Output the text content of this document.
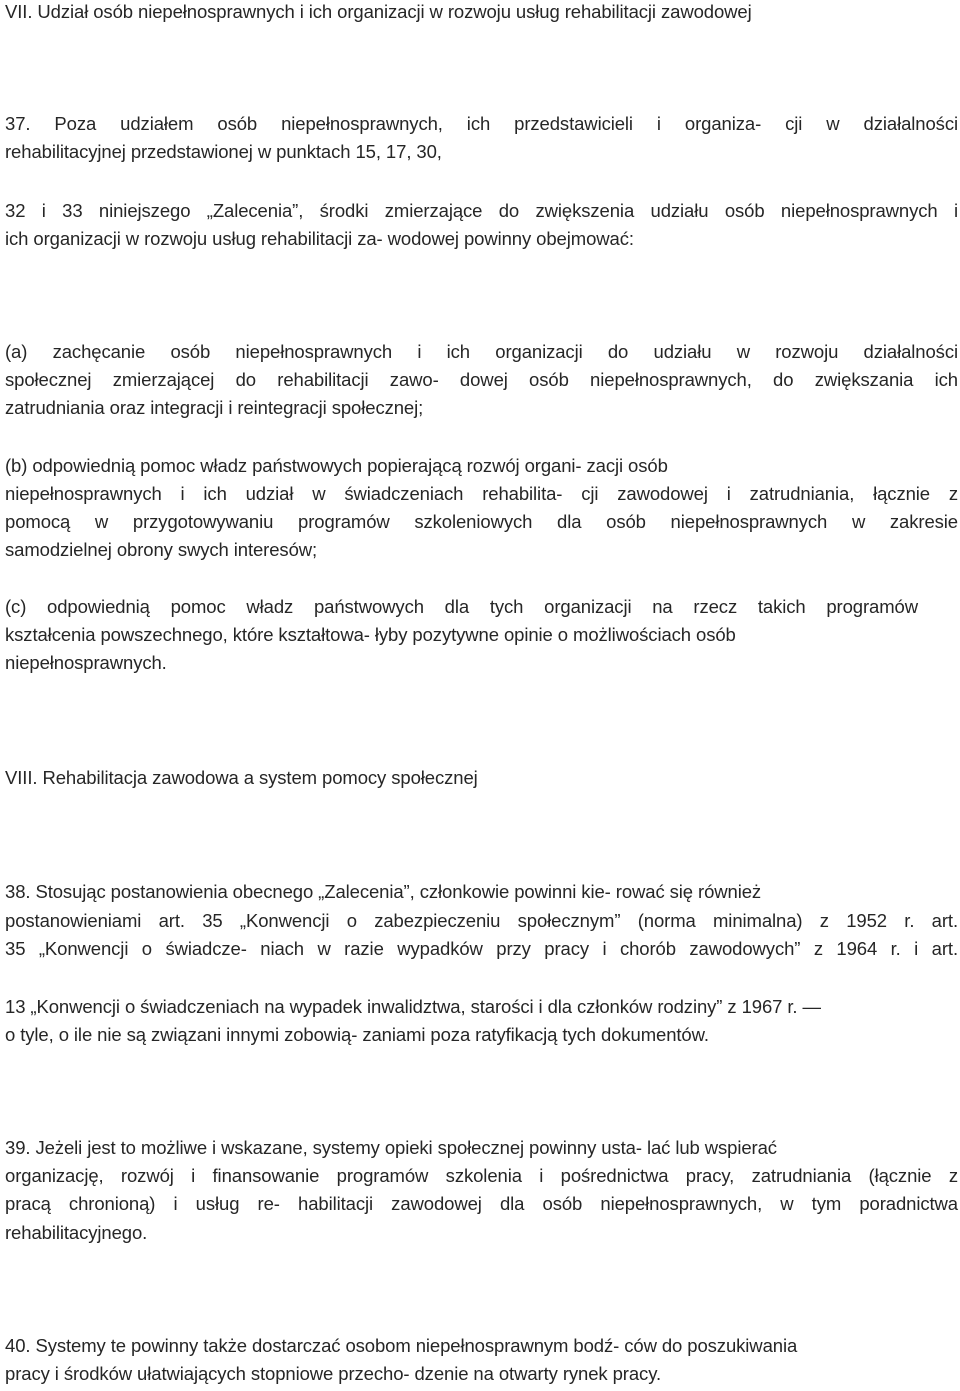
VII. Udział osób niepełnosprawnych i ich organizacji w rozwoju usług rehabilitacji zawodowej
37. Poza udziałem osób niepełnosprawnych, ich przedstawicieli i organiza- cji w działalności
rehabilitacyjnej przedstawionej w punktach 15, 17, 30,
32 i 33 niniejszego „Zalecenia”, środki zmierzające do zwiększenia udziału osób niepełnosprawnych i
ich organizacji w rozwoju usług rehabilitacji za- wodowej powinny obejmować:
(a) zachęcanie osób niepełnosprawnych i ich organizacji do udziału w rozwoju działalności
społecznej zmierzającej do rehabilitacji zawo- dowej osób niepełnosprawnych, do zwiększania ich
zatrudniania oraz integracji i reintegracji społecznej;
(b) odpowiednią pomoc władz państwowych popierającą rozwój organi- zacji osób
niepełnosprawnych i ich udział w świadczeniach rehabilita- cji zawodowej i zatrudniania, łącznie z
pomocą w przygotowywaniu programów szkoleniowych dla osób niepełnosprawnych w zakresie
samodzielnej obrony swych interesów;
(c) odpowiednią pomoc władz państwowych dla tych organizacji na rzecz takich programów
kształcenia powszechnego, które kształtowa- łyby pozytywne opinie o możliwościach osób
niepełnosprawnych.
VIII. Rehabilitacja zawodowa a system pomocy społecznej
38. Stosując postanowienia obecnego „Zalecenia”, członkowie powinni kie- rować się również
postanowieniami art. 35 „Konwencji o zabezpieczeniu społecznym” (norma minimalna) z 1952 r. art.
35 „Konwencji o świadcze- niach w razie wypadków przy pracy i chorób zawodowych” z 1964 r. i art.
13 „Konwencji o świadczeniach na wypadek inwalidztwa, starości i dla członków rodziny” z 1967 r. —
o tyle, o ile nie są związani innymi zobowią- zaniami poza ratyfikacją tych dokumentów.
39. Jeżeli jest to możliwe i wskazane, systemy opieki społecznej powinny usta- lać lub wspierać
organizację, rozwój i finansowanie programów szkolenia i pośrednictwa pracy, zatrudniania (łącznie z
pracą chronioną) i usług re- habilitacji zawodowej dla osób niepełnosprawnych, w tym poradnictwa
rehabilitacyjnego.
40. Systemy te powinny także dostarczać osobom niepełnosprawnym bodź- ców do poszukiwania
pracy i środków ułatwiających stopniowe przecho- dzenie na otwarty rynek pracy.
